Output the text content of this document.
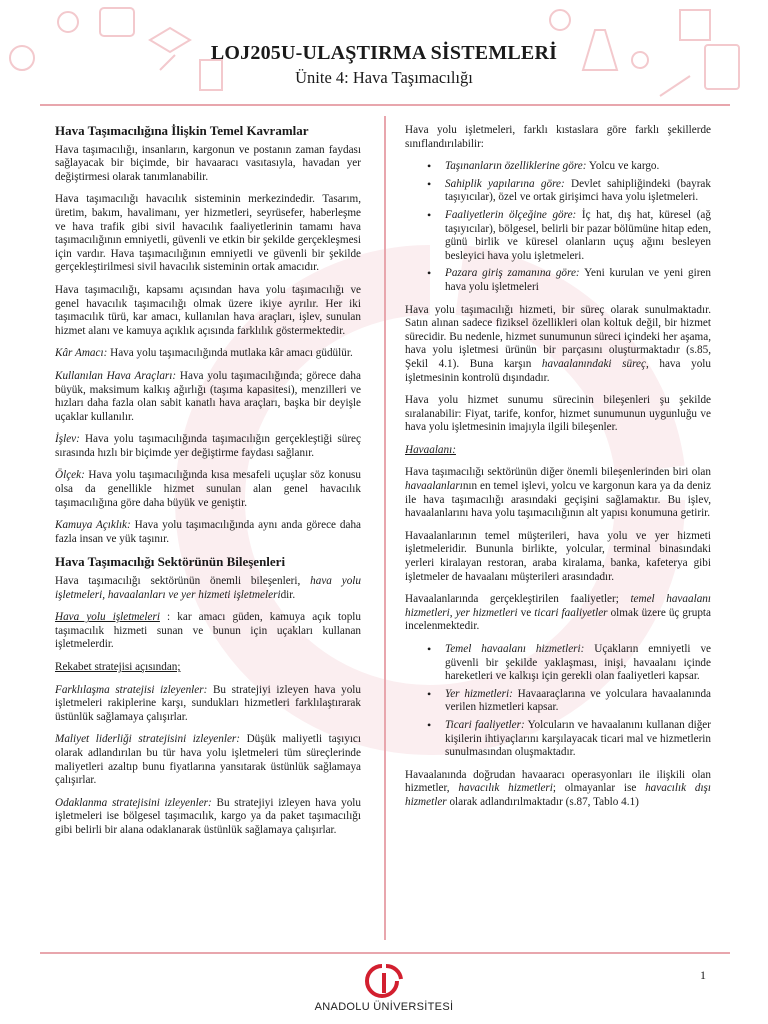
LOJ205U-ULAŞTIRMA SİSTEMLERİ
Ünite 4: Hava Taşımacılığı
Hava Taşımacılığına İlişkin Temel Kavramlar

Hava taşımacılığı, insanların, kargonun ve postanın zaman faydası sağlayacak bir biçimde, bir havaaracı vasıtasıyla, havadan yer değiştirmesi olarak tanımlanabilir.

Hava taşımacılığı havacılık sisteminin merkezindedir. Tasarım, üretim, bakım, havalimanı, yer hizmetleri, seyrüsefer, haberleşme ve hava trafik gibi sivil havacılık faaliyetlerinin tamamı hava taşımacılığının emniyetli, güvenli ve etkin bir şekilde gerçekleşmesi için vardır. Hava taşımacılığının emniyetli ve güvenli bir şekilde gerçekleştirilmesi sivil havacılık sisteminin ortak amacıdır.

Hava taşımacılığı, kapsamı açısından hava yolu taşımacılığı ve genel havacılık taşımacılığı olmak üzere ikiye ayrılır. Her iki taşımacılık türü, kar amacı, kullanılan hava araçları, işlev, sunulan hizmet alanı ve kamuya açıklık açısında farklılık göstermektedir.

Kâr Amacı: Hava yolu taşımacılığında mutlaka kâr amacı güdülür.

Kullanılan Hava Araçları: Hava yolu taşımacılığında; görece daha büyük, maksimum kalkış ağırlığı (taşıma kapasitesi), menzilleri ve hızları daha fazla olan sabit kanatlı hava araçları, başka bir deyişle uçaklar kullanılır.

İşlev: Hava yolu taşımacılığında taşımacılığın gerçekleştiği süreç sırasında hızlı bir biçimde yer değiştirme faydası sağlanır.

Ölçek: Hava yolu taşımacılığında kısa mesafeli uçuşlar söz konusu olsa da genellikle hizmet sunulan alan genel havacılık taşımacılığına göre daha büyük ve geniştir.

Kamuya Açıklık: Hava yolu taşımacılığında aynı anda görece daha fazla insan ve yük taşınır.

Hava Taşımacılığı Sektörünün Bileşenleri

Hava taşımacılığı sektörünün önemli bileşenleri, hava yolu işletmeleri, havaalanları ve yer hizmeti işletmeleridir.

Hava yolu işletmeleri : kar amacı güden, kamuya açık toplu taşımacılık hizmeti sunan ve bunun için uçakları kullanan işletmelerdir.

Rekabet stratejisi açısından;

Farklılaşma stratejisi izleyenler: Bu stratejiyi izleyen hava yolu işletmeleri rakiplerine karşı, sundukları hizmetleri farklılaştırarak üstünlük sağlamaya çalışırlar.

Maliyet liderliği stratejisini izleyenler: Düşük maliyetli taşıyıcı olarak adlandırılan bu tür hava yolu işletmeleri tüm süreçlerinde maliyetleri azaltıp bunu fiyatlarına yansıtarak üstünlük sağlamaya çalışırlar.

Odaklanma stratejisini izleyenler: Bu stratejiyi izleyen hava yolu işletmeleri ise bölgesel taşımacılık, kargo ya da paket taşımacılığı gibi belirli bir alana odaklanarak üstünlük sağlamaya çalışırlar.

Hava yolu işletmeleri, farklı kıstaslara göre farklı şekillerde sınıflandırılabilir:

• Taşınanların özelliklerine göre: Yolcu ve kargo.
• Sahiplik yapılarına göre: Devlet sahipliğindeki (bayrak taşıyıcılar), özel ve ortak girişimci hava yolu işletmeleri.
• Faaliyetlerin ölçeğine göre: İç hat, dış hat, küresel (ağ taşıyıcılar), bölgesel, belirli bir pazar bölümüne hitap eden, günü birlik ve küresel olanların uçuş ağını besleyen besleyici hava yolu işletmeleri.
• Pazara giriş zamanına göre: Yeni kurulan ve yeni giren hava yolu işletmeleri

Hava yolu taşımacılığı hizmeti, bir süreç olarak sunulmaktadır. Satın alınan sadece fiziksel özellikleri olan koltuk değil, bir hizmet sürecidir. Bu nedenle, hizmet sunumunun süreci içindeki her aşama, hava yolu işletmesi ürünün bir parçasını oluşturmaktadır (s.85, Şekil 4.1). Buna karşın havaalanındaki süreç, hava yolu işletmesinin kontrolü dışındadır.

Hava yolu hizmet sunumu sürecinin bileşenleri şu şekilde sıralanabilir: Fiyat, tarife, konfor, hizmet sunumunun uygunluğu ve hava yolu işletmesinin imajıyla ilgili bileşenler.

Havaalanı:

Hava taşımacılığı sektörünün diğer önemli bileşenlerinden biri olan havaalanlarının en temel işlevi, yolcu ve kargonun kara ya da deniz ile hava taşımacılığı arasındaki geçişini sağlamaktır. Bu işlev, havaalanlarını hava yolu taşımacılığının alt yapısı konumuna getirir.

Havaalanlarının temel müşterileri, hava yolu ve yer hizmeti işletmeleridir. Bununla birlikte, yolcular, terminal binasındaki yerleri kiralayan restoran, araba kiralama, banka, kafeterya gibi işletmeler de havaalanı müşterileri arasındadır.

Havaalanlarında gerçekleştirilen faaliyetler; temel havaalanı hizmetleri, yer hizmetleri ve ticari faaliyetler olmak üzere üç grupta incelenmektedir.

• Temel havaalanı hizmetleri: Uçakların emniyetli ve güvenli bir şekilde yaklaşması, inişi, havaalanı içinde hareketleri ve kalkışı için gerekli olan faaliyetleri kapsar.
• Yer hizmetleri: Havaaraçlarına ve yolculara havaalanında verilen hizmetleri kapsar.
• Ticari faaliyetler: Yolcuların ve havaalanını kullanan diğer kişilerin ihtiyaçlarını karşılayacak ticari mal ve hizmetlerin sunulmasından oluşmaktadır.

Havaalanında doğrudan havaaracı operasyonları ile ilişkili olan hizmetler, havacılık hizmetleri; olmayanlar ise havacılık dışı hizmetler olarak adlandırılmaktadır (s.87, Tablo 4.1)

ANADOLU ÜNİVERSİTESİ
1
